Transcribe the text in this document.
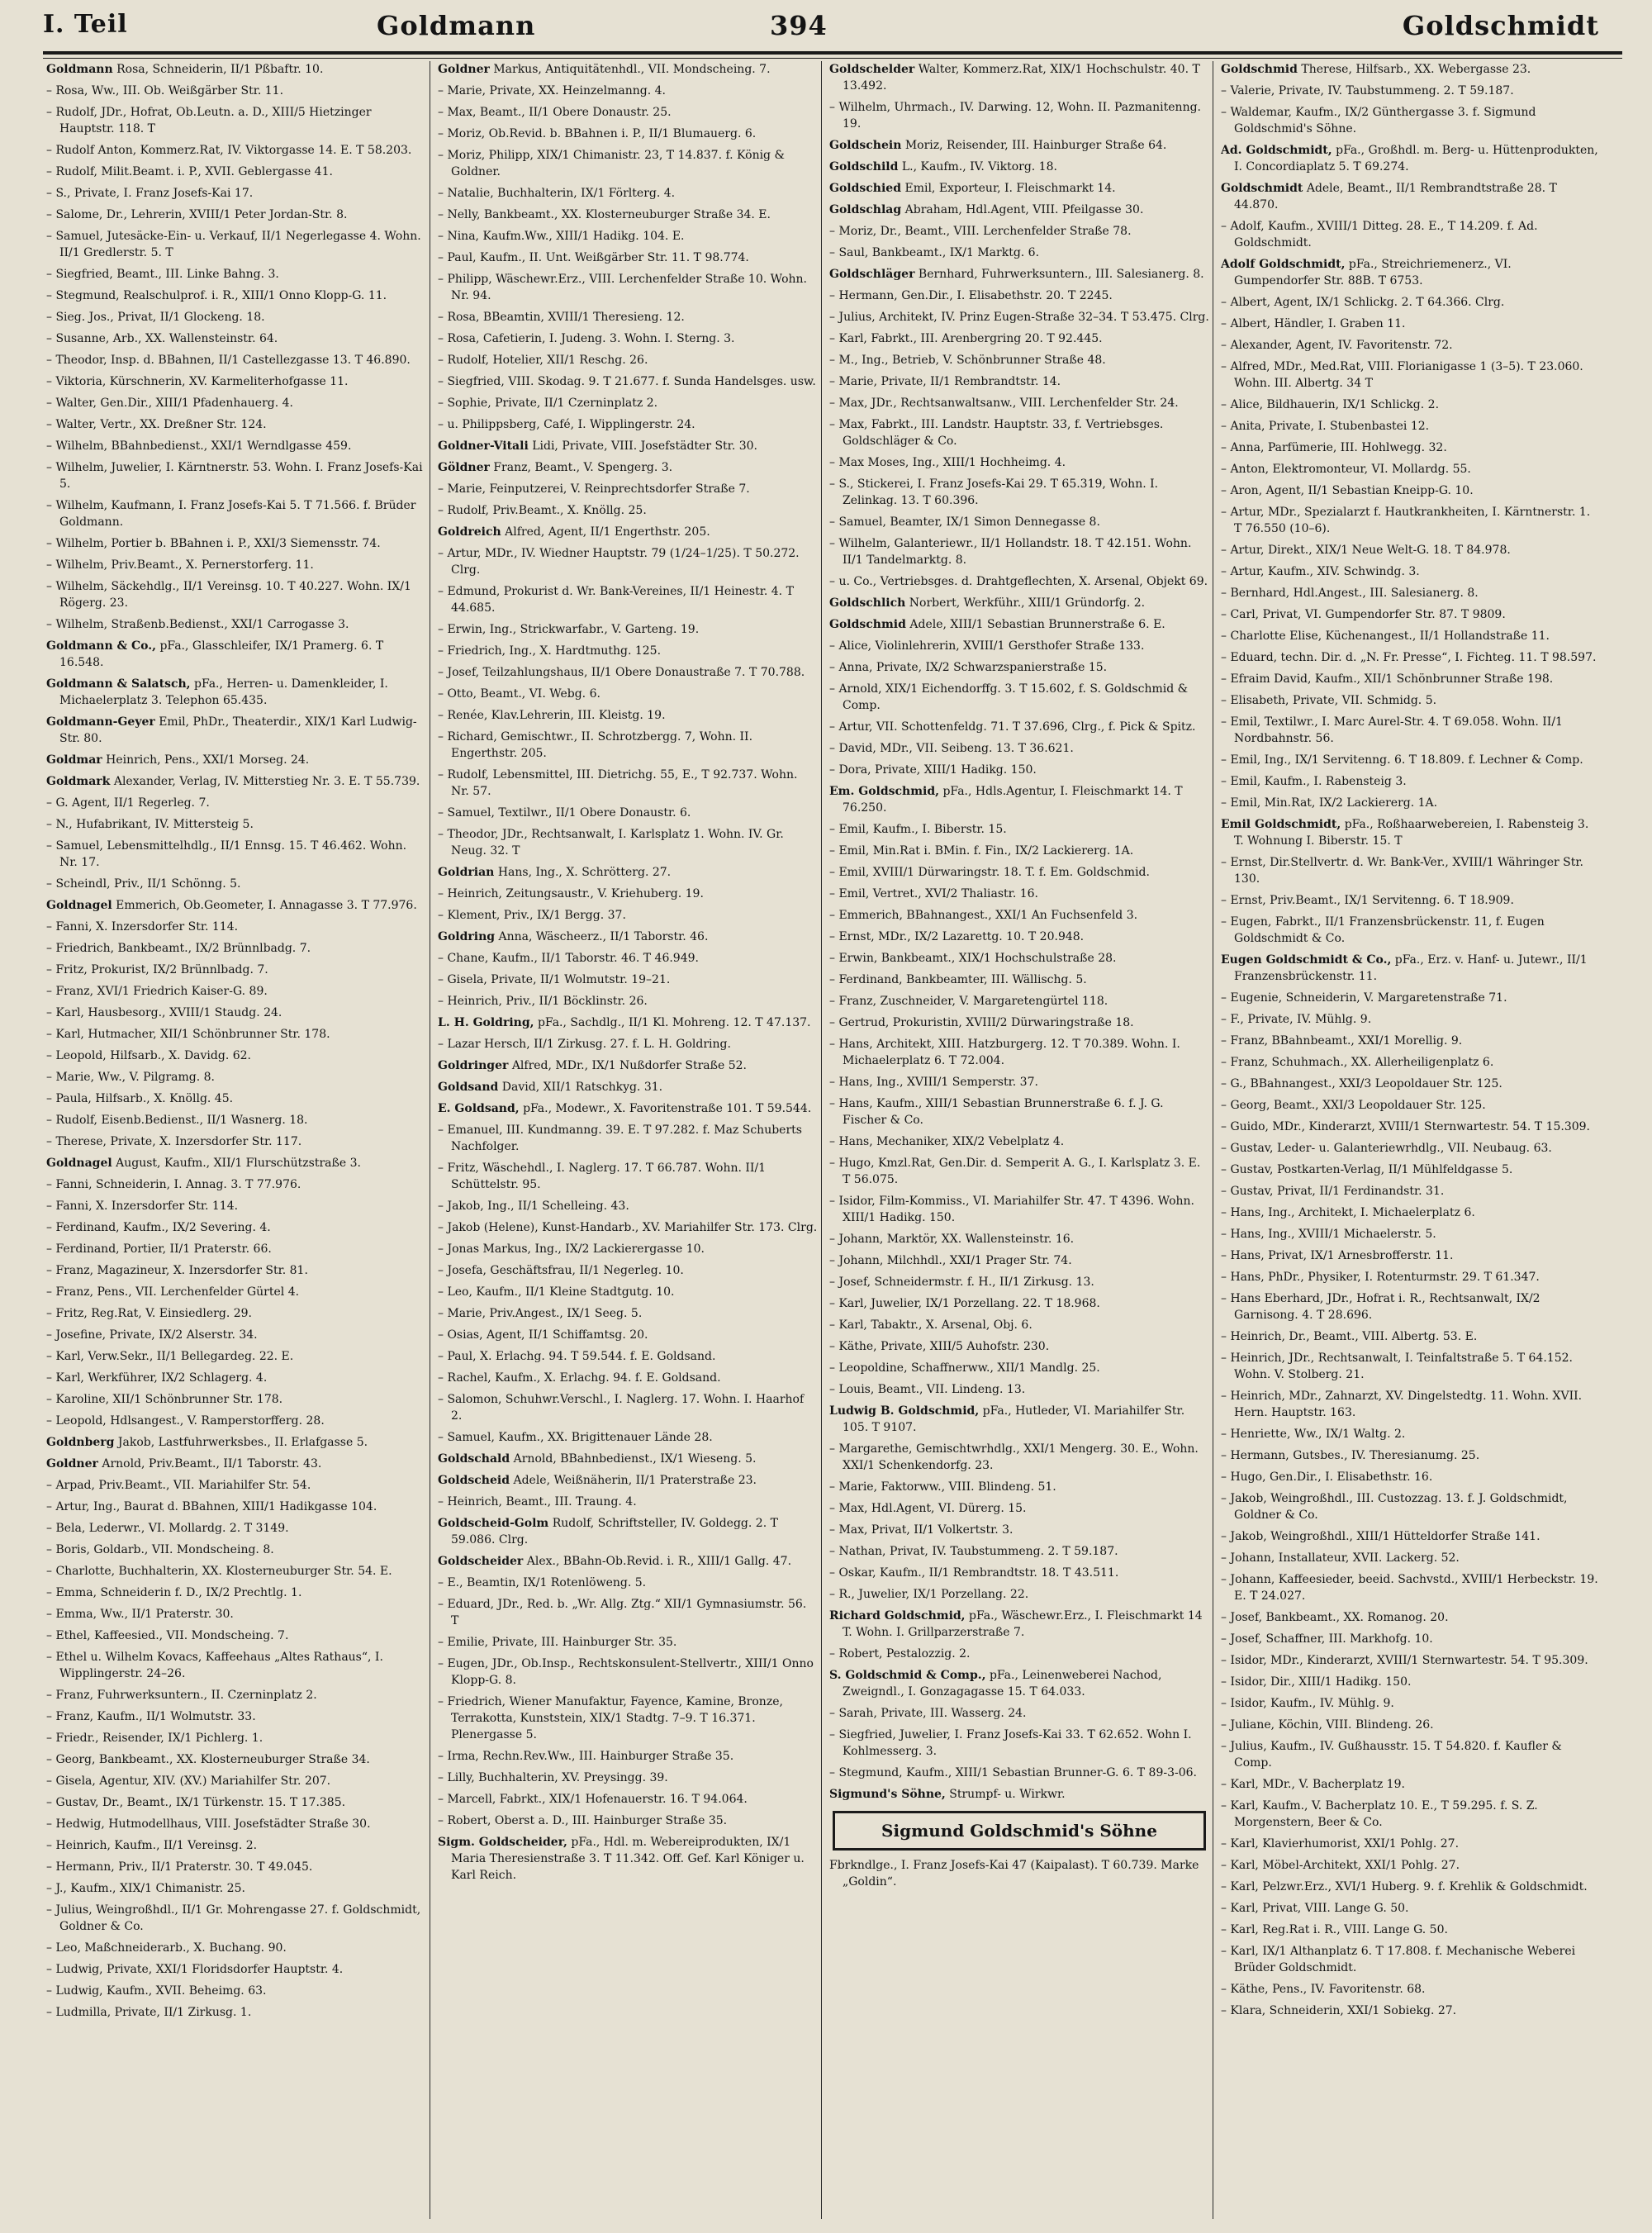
I. Teil	Goldmann	394	Goldschmidt
Goldmann Rosa, Schneiderin, II/1 Pßbaftr. 10.
– Rosa, Ww., III. Ob. Weißgärber Str. 11.
– Rudolf, JDr., Hofrat, Ob.Leutn. a. D., XIII/5 Hietzinger Hauptstr. 118. T
– Rudolf Anton, Kommerz.Rat, IV. Viktorgasse 14. E. T 58.203.
– Rudolf, Milit.Beamt. i. P., XVII. Geblergasse 41.
– S., Private, I. Franz Josefs-Kai 17.
– Salome, Dr., Lehrerin, XVIII/1 Peter Jordan-Str. 8.
– Samuel, Jutesäcke-Ein- u. Verkauf, II/1 Negerlegasse 4. Wohn. II/1 Gredlerstr. 5. T
– Siegfried, Beamt., III. Linke Bahng. 3.
– Stegmund, Realschulprof. i. R., XIII/1 Onno Klopp-G. 11.
– Sieg. Jos., Privat, II/1 Glockeng. 18.
– Susanne, Arb., XX. Wallensteinstr. 64.
– Theodor, Insp. d. BBahnen, II/1 Castellezgasse 13. T 46.890.
– Viktoria, Kürschnerin, XV. Karmeliterhofgasse 11.
– Walter, Gen.Dir., XIII/1 Pfadenhauerg. 4.
– Walter, Vertr., XX. Dreßner Str. 124.
– Wilhelm, BBahnbedienst., XXI/1 Werndlgasse 459.
– Wilhelm, Juwelier, I. Kärntnerstr. 53. Wohn. I. Franz Josefs-Kai 5.
– Wilhelm, Kaufmann, I. Franz Josefs-Kai 5. T 71.566. f. Brüder Goldmann.
– Wilhelm, Portier b. BBahnen i. P., XXI/3 Siemensstr. 74.
– Wilhelm, Priv.Beamt., X. Pernerstorferg. 11.
– Wilhelm, Säckehdlg., II/1 Vereinsg. 10. T 40.227. Wohn. IX/1 Rögerg. 23.
– Wilhelm, Straßenb.Bedienst., XXI/1 Carrogasse 3.
Goldmann & Co., pFa., Glasschleifer, IX/1 Pramerg. 6. T 16.548.
Goldmann & Salatsch, pFa., Herren- u. Damenkleider, I. Michaelerplatz 3. Telephon 65.435.
Goldmann-Geyer Emil, PhDr., Theaterdir., XIX/1 Karl Ludwig-Str. 80.
Goldmar Heinrich, Pens., XXI/1 Morseg. 24.
Goldmark Alexander, Verlag, IV. Mitterstieg Nr. 3. E. T 55.739.
– G. Agent, II/1 Regerleg. 7.
– N., Hufabrikant, IV. Mittersteig 5.
– Samuel, Lebensmittelhdlg., II/1 Ennsg. 15. T 46.462. Wohn. Nr. 17.
– Scheindl, Priv., II/1 Schönng. 5.
Goldnagel Emmerich, Ob.Geometer, I. Annagasse 3. T 77.976.
– Fanni, X. Inzersdorfer Str. 114.
– Friedrich, Bankbeamt., IX/2 Brünnlbadg. 7.
– Fritz, Prokurist, IX/2 Brünnlbadg. 7.
– Franz, XVI/1 Friedrich Kaiser-G. 89.
– Karl, Hausbesorg., XVIII/1 Staudg. 24.
– Karl, Hutmacher, XII/1 Schönbrunner Str. 178.
– Leopold, Hilfsarb., X. Davidg. 62.
– Marie, Ww., V. Pilgramg. 8.
– Paula, Hilfsarb., X. Knöllg. 45.
– Rudolf, Eisenb.Bedienst., II/1 Wasnerg. 18.
– Therese, Private, X. Inzersdorfer Str. 117.
Goldnagel August, Kaufm., XII/1 Flurschützstraße 3.
– Fanni, Schneiderin, I. Annag. 3. T 77.976.
– Fanni, X. Inzersdorfer Str. 114.
– Ferdinand, Kaufm., IX/2 Severing. 4.
– Ferdinand, Portier, II/1 Praterstr. 66.
– Franz, Magazineur, X. Inzersdorfer Str. 81.
– Franz, Pens., VII. Lerchenfelder Gürtel 4.
– Fritz, Reg.Rat, V. Einsiedlerg. 29.
– Josefine, Private, IX/2 Alserstr. 34.
– Karl, Verw.Sekr., II/1 Bellegardeg. 22. E.
– Karl, Werkführer, IX/2 Schlagerg. 4.
– Karoline, XII/1 Schönbrunner Str. 178.
– Leopold, Hdlsangest., V. Ramperstorfferg. 28.
Goldnberg Jakob, Lastfuhrwerksbes., II. Erlafgasse 5.
Goldner Arnold, Priv.Beamt., II/1 Taborstr. 43.
– Arpad, Priv.Beamt., VII. Mariahilfer Str. 54.
– Artur, Ing., Baurat d. BBahnen, XIII/1 Hadikgasse 104.
– Bela, Lederwr., VI. Mollardg. 2. T 3149.
– Boris, Goldarb., VII. Mondscheing. 8.
– Charlotte, Buchhalterin, XX. Klosterneuburger Str. 54. E.
– Emma, Schneiderin f. D., IX/2 Prechtlg. 1.
– Emma, Ww., II/1 Praterstr. 30.
– Ethel, Kaffeesied., VII. Mondscheing. 7.
– Ethel u. Wilhelm Kovacs, Kaffeehaus „Altes Rathaus“, I. Wipplingerstr. 24–26.
– Franz, Fuhrwerksuntern., II. Czerninplatz 2.
– Franz, Kaufm., II/1 Wolmutstr. 33.
– Friedr., Reisender, IX/1 Pichlerg. 1.
– Georg, Bankbeamt., XX. Klosterneuburger Straße 34.
– Gisela, Agentur, XIV. (XV.) Mariahilfer Str. 207.
– Gustav, Dr., Beamt., IX/1 Türkenstr. 15. T 17.385.
– Hedwig, Hutmodellhaus, VIII. Josefstädter Straße 30.
– Heinrich, Kaufm., II/1 Vereinsg. 2.
– Hermann, Priv., II/1 Praterstr. 30. T 49.045.
– J., Kaufm., XIX/1 Chimanistr. 25.
– Julius, Weingroßhdl., II/1 Gr. Mohrengasse 27. f. Goldschmidt, Goldner & Co.
– Leo, Maßchneiderarb., X. Buchang. 90.
– Ludwig, Private, XXI/1 Floridsdorfer Hauptstr. 4.
– Ludwig, Kaufm., XVII. Beheimg. 63.
– Ludmilla, Private, II/1 Zirkusg. 1.
Goldner Markus, Antiquitätenhdl., VII. Mondscheing. 7.
– Marie, Private, XX. Heinzelmanng. 4.
– Max, Beamt., II/1 Obere Donaustr. 25.
– Moriz, Ob.Revid. b. BBahnen i. P., II/1 Blumauerg. 6.
– Moriz, Philipp, XIX/1 Chimanistr. 23, T 14.837. f. König & Goldner.
– Natalie, Buchhalterin, IX/1 Förlterg. 4.
– Nelly, Bankbeamt., XX. Klosterneuburger Straße 34. E.
– Nina, Kaufm.Ww., XIII/1 Hadikg. 104. E.
– Paul, Kaufm., II. Unt. Weißgärber Str. 11. T 98.774.
– Philipp, Wäschewr.Erz., VIII. Lerchenfelder Straße 10. Wohn. Nr. 94.
– Rosa, BBeamtin, XVIII/1 Theresieng. 12.
– Rosa, Cafetierin, I. Judeng. 3. Wohn. I. Sterng. 3.
– Rudolf, Hotelier, XII/1 Reschg. 26.
– Siegfried, VIII. Skodag. 9. T 21.677. f. Sunda Handelsges. usw.
– Sophie, Private, II/1 Czerninplatz 2.
– u. Philippsberg, Café, I. Wipplingerstr. 24.
Goldner-Vitali Lidi, Private, VIII. Josefstädter Str. 30.
Göldner Franz, Beamt., V. Spengerg. 3.
– Marie, Feinputzerei, V. Reinprechtsdorfer Straße 7.
– Rudolf, Priv.Beamt., X. Knöllg. 25.
Goldreich Alfred, Agent, II/1 Engerthstr. 205.
– Artur, MDr., IV. Wiedner Hauptstr. 79 (1/24–1/25). T 50.272. Clrg.
– Edmund, Prokurist d. Wr. Bank-Vereines, II/1 Heinestr. 4. T 44.685.
– Erwin, Ing., Strickwarfabr., V. Garteng. 19.
– Friedrich, Ing., X. Hardtmuthg. 125.
– Josef, Teilzahlungshaus, II/1 Obere Donaustraße 7. T 70.788.
– Otto, Beamt., VI. Webg. 6.
– Renée, Klav.Lehrerin, III. Kleistg. 19.
– Richard, Gemischtwr., II. Schrotzbergg. 7, Wohn. II. Engerthstr. 205.
– Rudolf, Lebensmittel, III. Dietrichg. 55, E., T 92.737. Wohn. Nr. 57.
– Samuel, Textilwr., II/1 Obere Donaustr. 6.
– Theodor, JDr., Rechtsanwalt, I. Karlsplatz 1. Wohn. IV. Gr. Neug. 32. T
Goldrian Hans, Ing., X. Schrötterg. 27.
– Heinrich, Zeitungsaustr., V. Kriehuberg. 19.
– Klement, Priv., IX/1 Bergg. 37.
Goldring Anna, Wäscheerz., II/1 Taborstr. 46.
– Chane, Kaufm., II/1 Taborstr. 46. T 46.949.
– Gisela, Private, II/1 Wolmutstr. 19–21.
– Heinrich, Priv., II/1 Böcklinstr. 26.
L. H. Goldring, pFa., Sachdlg., II/1 Kl. Mohreng. 12. T 47.137.
– Lazar Hersch, II/1 Zirkusg. 27. f. L. H. Goldring.
Goldringer Alfred, MDr., IX/1 Nußdorfer Straße 52.
Goldsand David, XII/1 Ratschkyg. 31.
E. Goldsand, pFa., Modewr., X. Favoritenstraße 101. T 59.544.
– Emanuel, III. Kundmanng. 39. E. T 97.282. f. Maz Schuberts Nachfolger.
– Fritz, Wäschehdl., I. Naglerg. 17. T 66.787. Wohn. II/1 Schüttelstr. 95.
– Jakob, Ing., II/1 Schelleing. 43.
– Jakob (Helene), Kunst-Handarb., XV. Mariahilfer Str. 173. Clrg.
– Jonas Markus, Ing., IX/2 Lackierergasse 10.
– Josefa, Geschäftsfrau, II/1 Negerleg. 10.
– Leo, Kaufm., II/1 Kleine Stadtgutg. 10.
– Marie, Priv.Angest., IX/1 Seeg. 5.
– Osias, Agent, II/1 Schiffamtsg. 20.
– Paul, X. Erlachg. 94. T 59.544. f. E. Goldsand.
– Rachel, Kaufm., X. Erlachg. 94. f. E. Goldsand.
– Salomon, Schuhwr.Verschl., I. Naglerg. 17. Wohn. I. Haarhof 2.
– Samuel, Kaufm., XX. Brigittenauer Lände 28.
Goldschald Arnold, BBahnbedienst., IX/1 Wieseng. 5.
Goldscheid Adele, Weißnäherin, II/1 Praterstraße 23.
– Heinrich, Beamt., III. Traung. 4.
Goldscheid-Golm Rudolf, Schriftsteller, IV. Goldegg. 2. T 59.086. Clrg.
Goldscheider Alex., BBahn-Ob.Revid. i. R., XIII/1 Gallg. 47.
– E., Beamtin, IX/1 Rotenlöweng. 5.
– Eduard, JDr., Red. b. „Wr. Allg. Ztg.“ XII/1 Gymnasiumstr. 56. T
– Emilie, Private, III. Hainburger Str. 35.
– Eugen, JDr., Ob.Insp., Rechtskonsulent-Stellvertr., XIII/1 Onno Klopp-G. 8.
– Friedrich, Wiener Manufaktur, Fayence, Kamine, Bronze, Terrakotta, Kunststein, XIX/1 Stadtg. 7–9. T 16.371. Plenergasse 5.
– Irma, Rechn.Rev.Ww., III. Hainburger Straße 35.
– Lilly, Buchhalterin, XV. Preysingg. 39.
– Marcell, Fabrkt., XIX/1 Hofenauerstr. 16. T 94.064.
– Robert, Oberst a. D., III. Hainburger Straße 35.
Sigm. Goldscheider, pFa., Hdl. m. Webereiprodukten, IX/1 Maria Theresienstraße 3. T 11.342. Off. Gef. Karl Königer u. Karl Reich.
Goldschelder Walter, Kommerz.Rat, XIX/1 Hochschulstr. 40. T 13.492.
– Wilhelm, Uhrmach., IV. Darwing. 12, Wohn. II. Pazmanitenng. 19.
Goldschein Moriz, Reisender, III. Hainburger Straße 64.
Goldschild L., Kaufm., IV. Viktorg. 18.
Goldschied Emil, Exporteur, I. Fleischmarkt 14.
Goldschlag Abraham, Hdl.Agent, VIII. Pfeilgasse 30.
– Moriz, Dr., Beamt., VIII. Lerchenfelder Straße 78.
– Saul, Bankbeamt., IX/1 Marktg. 6.
Goldschläger Bernhard, Fuhrwerksuntern., III. Salesianerg. 8.
– Hermann, Gen.Dir., I. Elisabethstr. 20. T 2245.
– Julius, Architekt, IV. Prinz Eugen-Straße 32–34. T 53.475. Clrg.
– Karl, Fabrkt., III. Arenbergring 20. T 92.445.
– M., Ing., Betrieb, V. Schönbrunner Straße 48.
– Marie, Private, II/1 Rembrandtstr. 14.
– Max, JDr., Rechtsanwaltsanw., VIII. Lerchenfelder Str. 24.
– Max, Fabrkt., III. Landstr. Hauptstr. 33, f. Vertriebsges. Goldschläger & Co.
– Max Moses, Ing., XIII/1 Hochheimg. 4.
– S., Stickerei, I. Franz Josefs-Kai 29. T 65.319, Wohn. I. Zelinkag. 13. T 60.396.
– Samuel, Beamter, IX/1 Simon Dennegasse 8.
– Wilhelm, Galanteriewr., II/1 Hollandstr. 18. T 42.151. Wohn. II/1 Tandelmarktg. 8.
– u. Co., Vertriebsges. d. Drahtgeflechten, X. Arsenal, Objekt 69.
Goldschlich Norbert, Werkführ., XIII/1 Gründorfg. 2.
Goldschmid Adele, XIII/1 Sebastian Brunnerstraße 6. E.
– Alice, Violinlehrerin, XVIII/1 Gersthofer Straße 133.
– Anna, Private, IX/2 Schwarzspanierstraße 15.
– Arnold, XIX/1 Eichendorffg. 3. T 15.602, f. S. Goldschmid & Comp.
– Artur, VII. Schottenfeldg. 71. T 37.696, Clrg., f. Pick & Spitz.
– David, MDr., VII. Seibeng. 13. T 36.621.
– Dora, Private, XIII/1 Hadikg. 150.
Em. Goldschmid, pFa., Hdls.Agentur, I. Fleischmarkt 14. T 76.250.
– Emil, Kaufm., I. Biberstr. 15.
– Emil, Min.Rat i. BMin. f. Fin., IX/2 Lackiererg. 1A.
– Emil, XVIII/1 Dürwaringstr. 18. T. f. Em. Goldschmid.
– Emil, Vertret., XVI/2 Thaliastr. 16.
– Emmerich, BBahnangest., XXI/1 An Fuchsenfeld 3.
– Ernst, MDr., IX/2 Lazarettg. 10. T 20.948.
– Erwin, Bankbeamt., XIX/1 Hochschulstraße 28.
– Ferdinand, Bankbeamter, III. Wällischg. 5.
– Franz, Zuschneider, V. Margaretengürtel 118.
– Gertrud, Prokuristin, XVIII/2 Dürwaringstraße 18.
– Hans, Architekt, XIII. Hatzburgerg. 12. T 70.389. Wohn. I. Michaelerplatz 6. T 72.004.
– Hans, Ing., XVIII/1 Semperstr. 37.
– Hans, Kaufm., XIII/1 Sebastian Brunnerstraße 6. f. J. G. Fischer & Co.
– Hans, Mechaniker, XIX/2 Vebelplatz 4.
– Hugo, Kmzl.Rat, Gen.Dir. d. Semperit A. G., I. Karlsplatz 3. E. T 56.075.
– Isidor, Film-Kommiss., VI. Mariahilfer Str. 47. T 4396. Wohn. XIII/1 Hadikg. 150.
– Johann, Marktör, XX. Wallensteinstr. 16.
– Johann, Milchhdl., XXI/1 Prager Str. 74.
– Josef, Schneidermstr. f. H., II/1 Zirkusg. 13.
– Karl, Juwelier, IX/1 Porzellang. 22. T 18.968.
– Karl, Tabaktr., X. Arsenal, Obj. 6.
– Käthe, Private, XIII/5 Auhofstr. 230.
– Leopoldine, Schaffnerww., XII/1 Mandlg. 25.
– Louis, Beamt., VII. Lindeng. 13.
Ludwig B. Goldschmid, pFa., Hutleder, VI. Mariahilfer Str. 105. T 9107.
– Margarethe, Gemischtwrhdlg., XXI/1 Mengerg. 30. E., Wohn. XXI/1 Schenkendorfg. 23.
– Marie, Faktorww., VIII. Blindeng. 51.
– Max, Hdl.Agent, VI. Dürerg. 15.
– Max, Privat, II/1 Volkertstr. 3.
– Nathan, Privat, IV. Taubstummeng. 2. T 59.187.
– Oskar, Kaufm., II/1 Rembrandtstr. 18. T 43.511.
– R., Juwelier, IX/1 Porzellang. 22.
Richard Goldschmid, pFa., Wäschewr.Erz., I. Fleischmarkt 14 T. Wohn. I. Grillparzerstraße 7.
– Robert, Pestalozzig. 2.
S. Goldschmid & Comp., pFa., Leinenweberei Nachod, Zweigndl., I. Gonzagagasse 15. T 64.033.
– Sarah, Private, III. Wasserg. 24.
– Siegfried, Juwelier, I. Franz Josefs-Kai 33. T 62.652. Wohn I. Kohlmesserg. 3.
– Stegmund, Kaufm., XIII/1 Sebastian Brunner-G. 6. T 89-3-06.
Sigmund's Söhne, Strumpf- u. Wirkwr.
Sigmund Goldschmid's Söhne
Fbrkndlge., I. Franz Josefs-Kai 47 (Kaipalast). T 60.739. Marke „Goldin“.
Goldschmid Therese, Hilfsarb., XX. Webergasse 23.
– Valerie, Private, IV. Taubstummeng. 2. T 59.187.
– Waldemar, Kaufm., IX/2 Günthergasse 3. f. Sigmund Goldschmid's Söhne.
Ad. Goldschmidt, pFa., Großhdl. m. Berg- u. Hüttenprodukten, I. Concordiaplatz 5. T 69.274.
Goldschmidt Adele, Beamt., II/1 Rembrandtstraße 28. T 44.870.
– Adolf, Kaufm., XVIII/1 Ditteg. 28. E., T 14.209. f. Ad. Goldschmidt.
Adolf Goldschmidt, pFa., Streichriemenerz., VI. Gumpendorfer Str. 88B. T 6753.
– Albert, Agent, IX/1 Schlickg. 2. T 64.366. Clrg.
– Albert, Händler, I. Graben 11.
– Alexander, Agent, IV. Favoritenstr. 72.
– Alfred, MDr., Med.Rat, VIII. Florianigasse 1 (3–5). T 23.060. Wohn. III. Albertg. 34 T
– Alice, Bildhauerin, IX/1 Schlickg. 2.
– Anita, Private, I. Stubenbastei 12.
– Anna, Parfümerie, III. Hohlwegg. 32.
– Anton, Elektromonteur, VI. Mollardg. 55.
– Aron, Agent, II/1 Sebastian Kneipp-G. 10.
– Artur, MDr., Spezialarzt f. Hautkrankheiten, I. Kärntnerstr. 1. T 76.550 (10–6).
– Artur, Direkt., XIX/1 Neue Welt-G. 18. T 84.978.
– Artur, Kaufm., XIV. Schwindg. 3.
– Bernhard, Hdl.Angest., III. Salesianerg. 8.
– Carl, Privat, VI. Gumpendorfer Str. 87. T 9809.
– Charlotte Elise, Küchenangest., II/1 Hollandstraße 11.
– Eduard, techn. Dir. d. „N. Fr. Presse“, I. Fichteg. 11. T 98.597.
– Efraim David, Kaufm., XII/1 Schönbrunner Straße 198.
– Elisabeth, Private, VII. Schmidg. 5.
– Emil, Textilwr., I. Marc Aurel-Str. 4. T 69.058. Wohn. II/1 Nordbahnstr. 56.
– Emil, Ing., IX/1 Servitenng. 6. T 18.809. f. Lechner & Comp.
– Emil, Kaufm., I. Rabensteig 3.
– Emil, Min.Rat, IX/2 Lackiererg. 1A.
Emil Goldschmidt, pFa., Roßhaarwebereien, I. Rabensteig 3. T. Wohnung I. Biberstr. 15. T
– Ernst, Dir.Stellvertr. d. Wr. Bank-Ver., XVIII/1 Währinger Str. 130.
– Ernst, Priv.Beamt., IX/1 Servitenng. 6. T 18.909.
– Eugen, Fabrkt., II/1 Franzensbrückenstr. 11, f. Eugen Goldschmidt & Co.
Eugen Goldschmidt & Co., pFa., Erz. v. Hanf- u. Jutewr., II/1 Franzensbrückenstr. 11.
– Eugenie, Schneiderin, V. Margaretenstraße 71.
– F., Private, IV. Mühlg. 9.
– Franz, BBahnbeamt., XXI/1 Morellig. 9.
– Franz, Schuhmach., XX. Allerheiligenplatz 6.
– G., BBahnangest., XXI/3 Leopoldauer Str. 125.
– Georg, Beamt., XXI/3 Leopoldauer Str. 125.
– Guido, MDr., Kinderarzt, XVIII/1 Sternwartestr. 54. T 15.309.
– Gustav, Leder- u. Galanteriewrhdlg., VII. Neubaug. 63.
– Gustav, Postkarten-Verlag, II/1 Mühlfeldgasse 5.
– Gustav, Privat, II/1 Ferdinandstr. 31.
– Hans, Ing., Architekt, I. Michaelerplatz 6.
– Hans, Ing., XVIII/1 Michaelerstr. 5.
– Hans, Privat, IX/1 Arnesbrofferstr. 11.
– Hans, PhDr., Physiker, I. Rotenturmstr. 29. T 61.347.
– Hans Eberhard, JDr., Hofrat i. R., Rechtsanwalt, IX/2 Garnisong. 4. T 28.696.
– Heinrich, Dr., Beamt., VIII. Albertg. 53. E.
– Heinrich, JDr., Rechtsanwalt, I. Teinfaltstraße 5. T 64.152. Wohn. V. Stolberg. 21.
– Heinrich, MDr., Zahnarzt, XV. Dingelstedtg. 11. Wohn. XVII. Hern. Hauptstr. 163.
– Henriette, Ww., IX/1 Waltg. 2.
– Hermann, Gutsbes., IV. Theresianumg. 25.
– Hugo, Gen.Dir., I. Elisabethstr. 16.
– Jakob, Weingroßhdl., III. Custozzag. 13. f. J. Goldschmidt, Goldner & Co.
– Jakob, Weingroßhdl., XIII/1 Hütteldorfer Straße 141.
– Johann, Installateur, XVII. Lackerg. 52.
– Johann, Kaffeesieder, beeid. Sachvstd., XVIII/1 Herbeckstr. 19. E. T 24.027.
– Josef, Bankbeamt., XX. Romanog. 20.
– Josef, Schaffner, III. Markhofg. 10.
– Isidor, MDr., Kinderarzt, XVIII/1 Sternwartestr. 54. T 95.309.
– Isidor, Dir., XIII/1 Hadikg. 150.
– Isidor, Kaufm., IV. Mühlg. 9.
– Juliane, Köchin, VIII. Blindeng. 26.
– Julius, Kaufm., IV. Gußhausstr. 15. T 54.820. f. Kaufler & Comp.
– Karl, MDr., V. Bacherplatz 19.
– Karl, Kaufm., V. Bacherplatz 10. E., T 59.295. f. S. Z. Morgenstern, Beer & Co.
– Karl, Klavierhumorist, XXI/1 Pohlg. 27.
– Karl, Möbel-Architekt, XXI/1 Pohlg. 27.
– Karl, Pelzwr.Erz., XVI/1 Huberg. 9. f. Krehlik & Goldschmidt.
– Karl, Privat, VIII. Lange G. 50.
– Karl, Reg.Rat i. R., VIII. Lange G. 50.
– Karl, IX/1 Althanplatz 6. T 17.808. f. Mechanische Weberei Brüder Goldschmidt.
– Käthe, Pens., IV. Favoritenstr. 68.
– Klara, Schneiderin, XXI/1 Sobiekg. 27.
